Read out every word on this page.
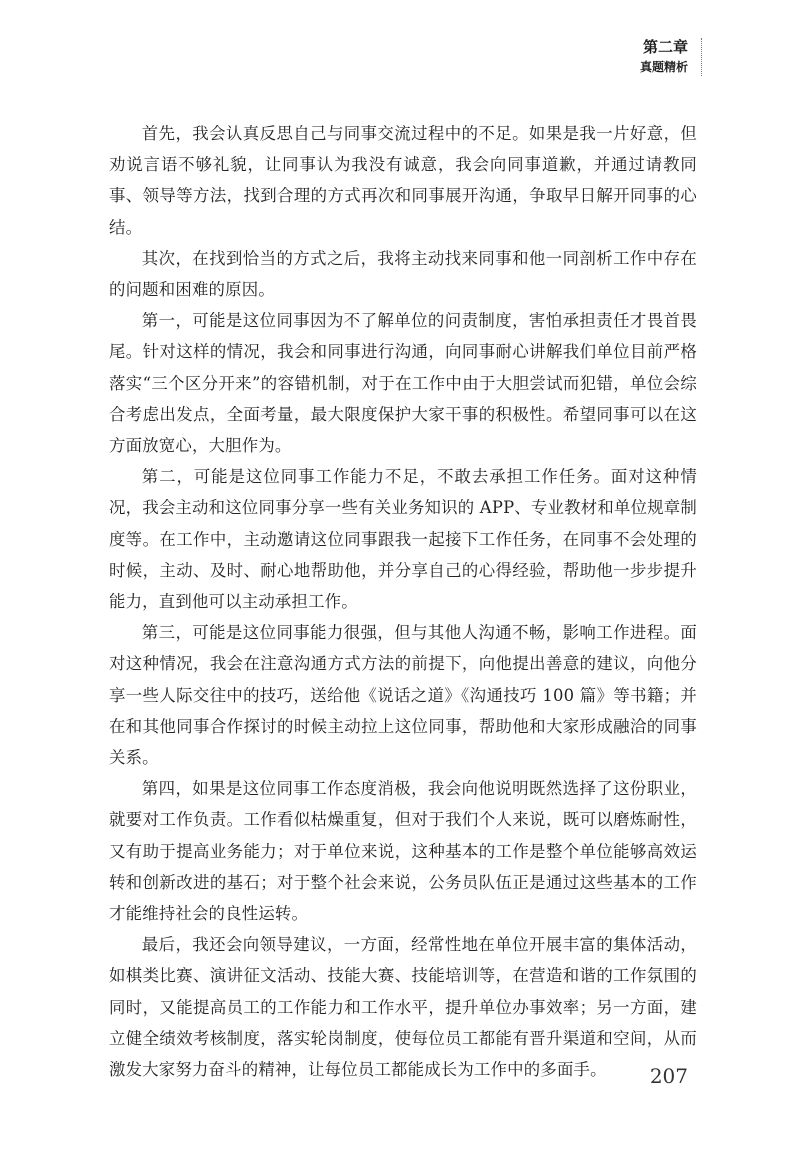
第二章
真题精析

首先，我会认真反思自己与同事交流过程中的不足。如果是我一片好意，但劝说言语不够礼貌，让同事认为我没有诚意，我会向同事道歉，并通过请教同事、领导等方法，找到合理的方式再次和同事展开沟通，争取早日解开同事的心结。

其次，在找到恰当的方式之后，我将主动找来同事和他一同剖析工作中存在的问题和困难的原因。

第一，可能是这位同事因为不了解单位的问责制度，害怕承担责任才畏首畏尾。针对这样的情况，我会和同事进行沟通，向同事耐心讲解我们单位目前严格落实“三个区分开来”的容错机制，对于在工作中由于大胆尝试而犯错，单位会综合考虑出发点，全面考量，最大限度保护大家干事的积极性。希望同事可以在这方面放宽心，大胆作为。

第二，可能是这位同事工作能力不足，不敢去承担工作任务。面对这种情况，我会主动和这位同事分享一些有关业务知识的 APP、专业教材和单位规章制度等。在工作中，主动邀请这位同事跟我一起接下工作任务，在同事不会处理的时候，主动、及时、耐心地帮助他，并分享自己的心得经验，帮助他一步步提升能力，直到他可以主动承担工作。

第三，可能是这位同事能力很强，但与其他人沟通不畅，影响工作进程。面对这种情况，我会在注意沟通方式方法的前提下，向他提出善意的建议，向他分享一些人际交往中的技巧，送给他《说话之道》《沟通技巧 100 篇》等书籍；并在和其他同事合作探讨的时候主动拉上这位同事，帮助他和大家形成融洽的同事关系。

第四，如果是这位同事工作态度消极，我会向他说明既然选择了这份职业，就要对工作负责。工作看似枯燥重复，但对于我们个人来说，既可以磨炼耐性，又有助于提高业务能力；对于单位来说，这种基本的工作是整个单位能够高效运转和创新改进的基石；对于整个社会来说，公务员队伍正是通过这些基本的工作才能维持社会的良性运转。

最后，我还会向领导建议，一方面，经常性地在单位开展丰富的集体活动，如棋类比赛、演讲征文活动、技能大赛、技能培训等，在营造和谐的工作氛围的同时，又能提高员工的工作能力和工作水平，提升单位办事效率；另一方面，建立健全绩效考核制度，落实轮岗制度，使每位员工都能有晋升渠道和空间，从而激发大家努力奋斗的精神，让每位员工都能成长为工作中的多面手。	207
